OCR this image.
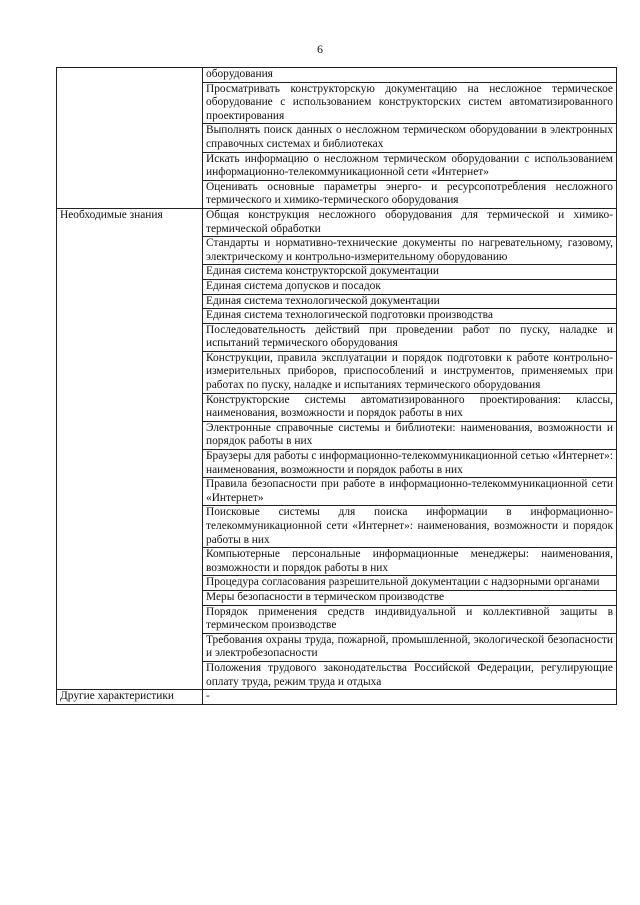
6
	оборудования
	Просматривать конструкторскую документацию на несложное термическое оборудование с использованием конструкторских систем автоматизированного проектирования
	Выполнять поиск данных о несложном термическом оборудовании в электронных справочных системах и библиотеках
	Искать информацию о несложном термическом оборудовании с использованием информационно-телекоммуникационной сети «Интернет»
	Оценивать основные параметры энерго- и ресурсопотребления несложного термического и химико-термического оборудования
Необходимые знания	Общая конструкция несложного оборудования для термической и химико-термической обработки
	Стандарты и нормативно-технические документы по нагревательному, газовому, электрическому и контрольно-измерительному оборудованию
	Единая система конструкторской документации
	Единая система допусков и посадок
	Единая система технологической документации
	Единая система технологической подготовки производства
	Последовательность действий при проведении работ по пуску, наладке и испытаний термического оборудования
	Конструкции, правила эксплуатации и порядок подготовки к работе контрольно-измерительных приборов, приспособлений и инструментов, применяемых при работах по пуску, наладке и испытаниях термического оборудования
	Конструкторские системы автоматизированного проектирования: классы, наименования, возможности и порядок работы в них
	Электронные справочные системы и библиотеки: наименования, возможности и порядок работы в них
	Браузеры для работы с информационно-телекоммуникационной сетью «Интернет»: наименования, возможности и порядок работы в них
	Правила безопасности при работе в информационно-телекоммуникационной сети «Интернет»
	Поисковые системы для поиска информации в информационно-телекоммуникационной сети «Интернет»: наименования, возможности и порядок работы в них
	Компьютерные персональные информационные менеджеры: наименования, возможности и порядок работы в них
	Процедура согласования разрешительной документации с надзорными органами
	Меры безопасности в термическом производстве
	Порядок применения средств индивидуальной и коллективной защиты в термическом производстве
	Требования охраны труда, пожарной, промышленной, экологической безопасности и электробезопасности
	Положения трудового законодательства Российской Федерации, регулирующие оплату труда, режим труда и отдыха
Другие характеристики	-
